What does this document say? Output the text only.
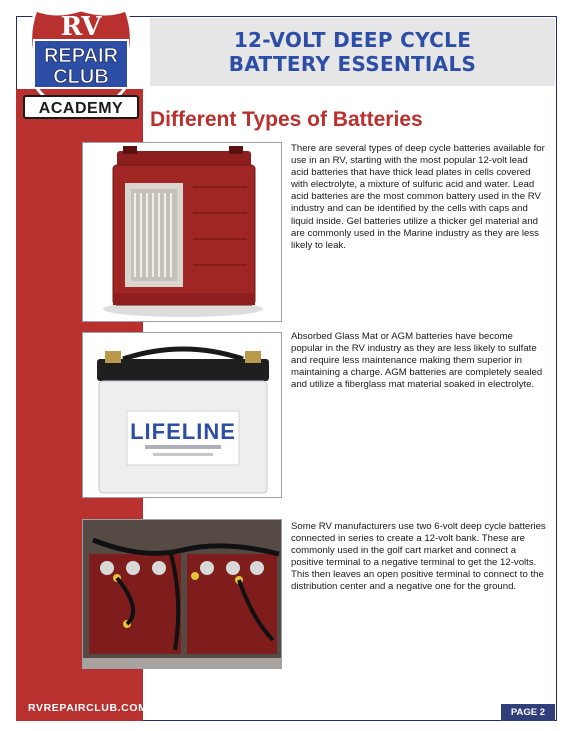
12-VOLT DEEP CYCLE
BATTERY ESSENTIALS
RV
REPAIR
CLUB
ACADEMY Different Types of Batteries
LIFELINE

There are several types of deep cycle batteries available for use in an RV, starting with the most popular 12-volt lead acid batteries that have thick lead plates in cells covered with electrolyte, a mixture of sulfuric acid and water. Lead acid batteries are the most common battery used in the RV industry and can be identified by the cells with caps and liquid inside. Gel batteries utilize a thicker gel material and are commonly used in the Marine industry as they are less likely to leak.

Absorbed Glass Mat or AGM batteries have become popular in the RV industry as they are less likely to sulfate and require less maintenance making them superior in maintaining a charge. AGM batteries are completely sealed and utilize a fiberglass mat material soaked in electrolyte.

Some RV manufacturers use two 6-volt deep cycle batteries connected in series to create a 12-volt bank. These are commonly used in the golf cart market and connect a positive terminal to a negative terminal to get the 12-volts. This then leaves an open positive terminal to connect to the distribution center and a negative one for the ground.

RVREPAIRCLUB.COM	PAGE 2
